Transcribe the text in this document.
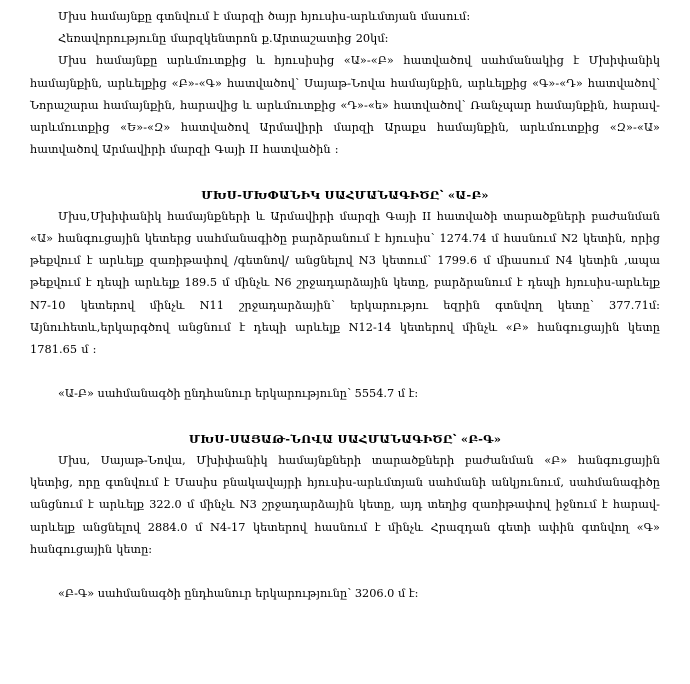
Մխս համայնքը գտնվում է մարզի ծայր հյուսիս-արևմտյան մասում:

Հեռավորությունը մարզկենտրոն ք.Արտաշատից 20կմ:

Մխս համայնքը արևմուտքից և հյուսիսից «Ա»-«Բ» հատվածով սահմանակից է Մխիփանիկ համայնքին, արևելքից «Բ»-«Գ» հատվածով՝ Սայաթ-Նովա համայնքին, արևելքից «Գ»-«Դ» հատվածով՝ Նորաշարա համայնքին, հարավից և արևմուտքից «Դ»-«ե» հատվածով՝ Ռանչպար համայնքին, հարավ-արևմուտքից «Ե»-«Զ» հատվածով Արմավիրի մարզի Արաքս համայնքին, արևմուտքից «Զ»-«Ա» հատվածով Արմավիրի մարզի Գայի II հատվածին :

ՄԽՍ-ՄԽՓԱՆԻԿ ՍԱՀՄԱՆԱԳԻԾԸ՝ «Ա-Բ»

Մխս,Մխիփանիկ համայնքների և Արմավիրի մարզի Գայի II հատվածի տարածքների բաժանման «Ա» հանգուցային կետերց սահմանագիծը բարձրանում է հյուսիս՝ 1274.74 մ հասնում N2 կետին, որից թեքվում է արևելք զառիթափով /գետնով/ անցնելով N3 կետում՝ 1799.6 մ միասում N4 կետին ,ապա թեքվում է դեպի արևելք 189.5 մ մինչև N6 շրջադարձային կետը, բարձրանում է դեպի հյուսիս-արևելք N7-10 կետերով մինչև N11 շրջադարձային՝ երկարությու եզրին գտնվող կետը՝ 377.71մ: Այնուհետև,երկարգծով անցնում է դեպի արևելք N12-14 կետերով մինչև «Բ» հանգուցային կետը 1781.65 մ :

«Ա-Բ» սահմանագծի ընդհանուր երկարությունը՝ 5554.7 մ է:

ՄԽՍ-ՍԱՅԱԹ-ՆՈՎԱ ՍԱՀՄԱՆԱԳԻԾԸ՝ «Բ-Գ»

Մխս, Սայաթ-Նովա, Մխիփանիկ համայնքների տարածքների բաժանման «Բ» հանգուցային կետից, որը գտնվում է Մասիս բնակավայրի հյուսիս-արևմտյան սահմանի անկյունում, սահմանագիծը անցնում է արևելք 322.0 մ մինչև N3 շրջադարձային կետը, այդ տեղից զառիթափով իջնում է հարավ-արևելք անցնելով 2884.0 մ N4-17 կետերով հասնում է մինչև Հրազդան գետի ափին գտնվող «Գ» հանգուցային կետը:

«Բ-Գ» սահմանագծի ընդհանուր երկարությունը՝ 3206.0 մ է:
